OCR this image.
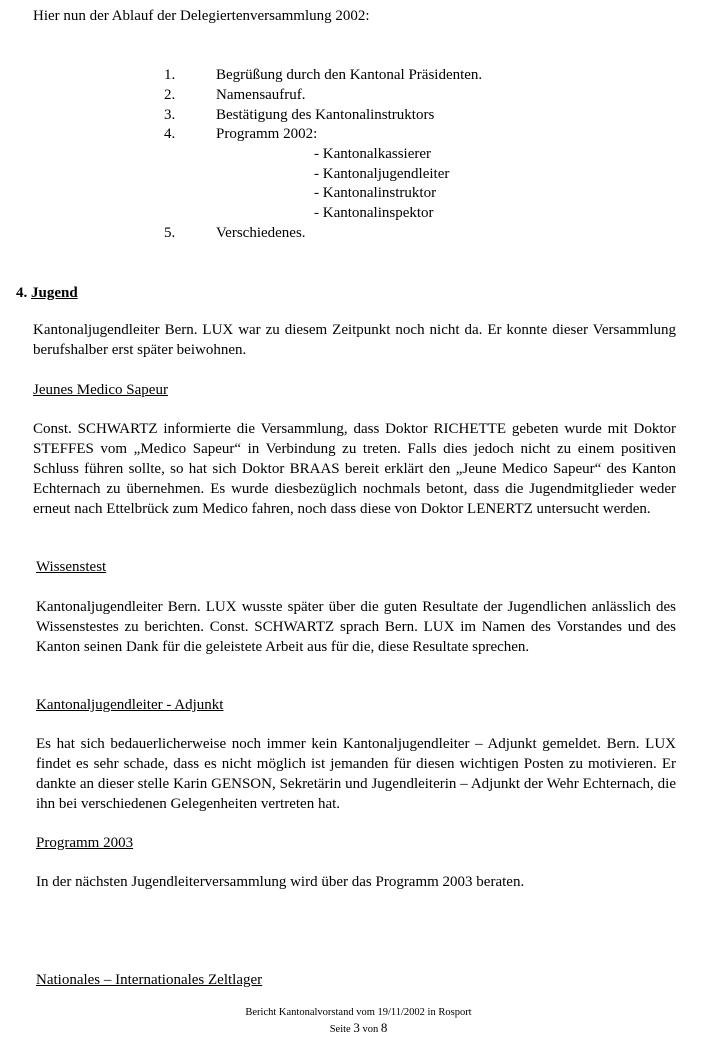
Hier nun der Ablauf der Delegiertenversammlung 2002:
1.	Begrüßung durch den Kantonal Präsidenten.
2.	Namensaufruf.
3.	Bestätigung des Kantonalinstruktors
4.	Programm 2002:
- Kantonalkassierer
- Kantonaljugendleiter
- Kantonalinstruktor
- Kantonalinspektor
5.	Verschiedenes.
4. Jugend
Kantonaljugendleiter Bern. LUX war zu diesem Zeitpunkt noch nicht da. Er konnte dieser Versammlung berufshalber erst später beiwohnen.
Jeunes Medico Sapeur
Const. SCHWARTZ informierte die Versammlung, dass Doktor RICHETTE gebeten wurde mit Doktor STEFFES vom „Medico Sapeur“ in Verbindung zu treten. Falls dies jedoch nicht zu einem positiven Schluss führen sollte, so hat sich Doktor BRAAS bereit erklärt den „Jeune Medico Sapeur“ des Kanton Echternach zu übernehmen. Es wurde diesbezüglich nochmals betont, dass die Jugendmitglieder weder erneut nach Ettelbrück zum Medico fahren, noch dass diese von Doktor LENERTZ untersucht werden.
Wissenstest
Kantonaljugendleiter Bern. LUX wusste später über die guten Resultate der Jugendlichen anlässlich des Wissenstestes zu berichten. Const. SCHWARTZ sprach Bern. LUX im Namen des Vorstandes und des Kanton seinen Dank für die geleistete Arbeit aus für die, diese Resultate sprechen.
Kantonaljugendleiter - Adjunkt
Es hat sich bedauerlicherweise noch immer kein Kantonaljugendleiter – Adjunkt gemeldet. Bern. LUX findet es sehr schade, dass es nicht möglich ist jemanden für diesen wichtigen Posten zu motivieren. Er dankte an dieser stelle Karin GENSON, Sekretärin und Jugendleiterin – Adjunkt der Wehr Echternach, die ihn bei verschiedenen Gelegenheiten vertreten hat.
Programm 2003
In der nächsten Jugendleiterversammlung wird über das Programm 2003 beraten.
Nationales – Internationales Zeltlager
Bericht Kantonalvorstand vom 19/11/2002 in Rosport
Seite 3 von 8
